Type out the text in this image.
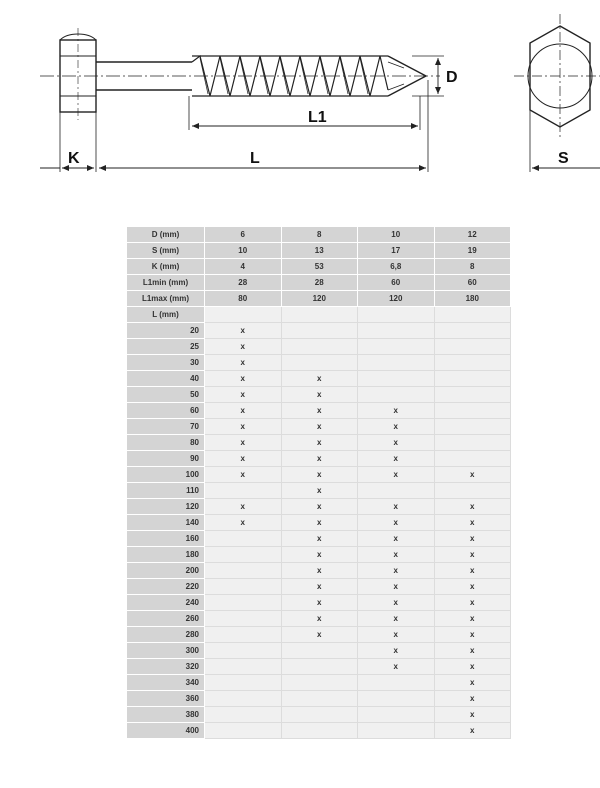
D
L1
K	L	S
D (mm)	6	8	10	12
S (mm)	10	13	17	19
K (mm)	4	53	6,8	8
L1min (mm)	28	28	60	60
L1max (mm)	80	120	120	180
L (mm)				
20	x			
25	x			
30	x			
40	x	x		
50	x	x		
60	x	x	x	
70	x	x	x	
80	x	x	x	
90	x	x	x	
100	x	x	x	x
110		x		
120	x	x	x	x
140	x	x	x	x
160		x	x	x
180		x	x	x
200		x	x	x
220		x	x	x
240		x	x	x
260		x	x	x
280		x	x	x
300			x	x
320			x	x
340				x
360				x
380				x
400				x
